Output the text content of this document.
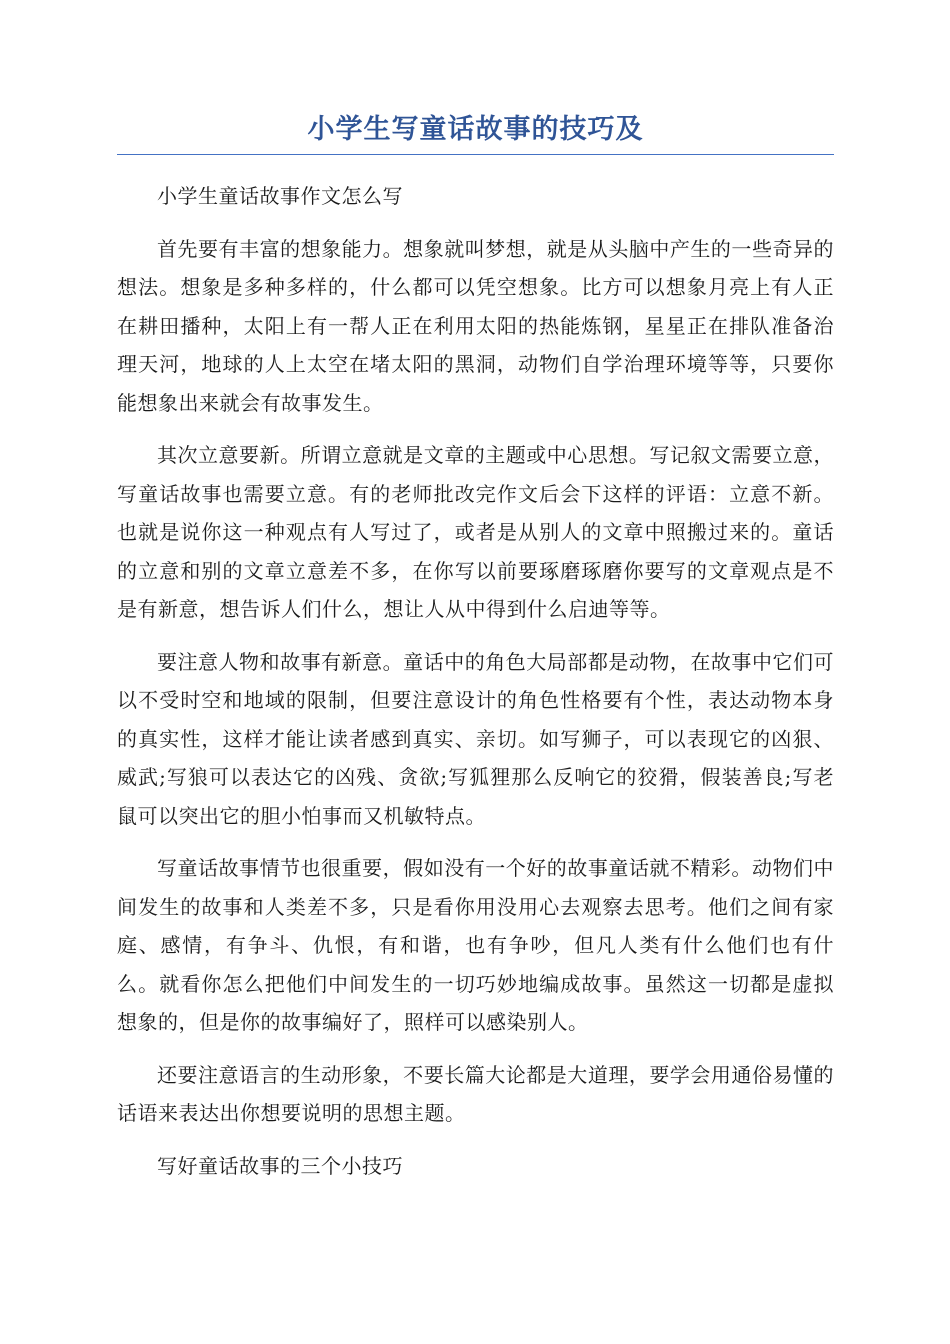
小学生写童话故事的技巧及

小学生童话故事作文怎么写

首先要有丰富的想象能力。想象就叫梦想，就是从头脑中产生的一些奇异的想法。想象是多种多样的，什么都可以凭空想象。比方可以想象月亮上有人正在耕田播种，太阳上有一帮人正在利用太阳的热能炼钢，星星正在排队准备治理天河，地球的人上太空在堵太阳的黑洞，动物们自学治理环境等等，只要你能想象出来就会有故事发生。

其次立意要新。所谓立意就是文章的主题或中心思想。写记叙文需要立意，写童话故事也需要立意。有的老师批改完作文后会下这样的评语：立意不新。也就是说你这一种观点有人写过了，或者是从别人的文章中照搬过来的。童话的立意和别的文章立意差不多，在你写以前要琢磨琢磨你要写的文章观点是不是有新意，想告诉人们什么，想让人从中得到什么启迪等等。

要注意人物和故事有新意。童话中的角色大局部都是动物，在故事中它们可以不受时空和地域的限制，但要注意设计的角色性格要有个性，表达动物本身的真实性，这样才能让读者感到真实、亲切。如写狮子，可以表现它的凶狠、威武;写狼可以表达它的凶残、贪欲;写狐狸那么反响它的狡猾，假装善良;写老鼠可以突出它的胆小怕事而又机敏特点。

写童话故事情节也很重要，假如没有一个好的故事童话就不精彩。动物们中间发生的故事和人类差不多，只是看你用没用心去观察去思考。他们之间有家庭、感情，有争斗、仇恨，有和谐，也有争吵，但凡人类有什么他们也有什么。就看你怎么把他们中间发生的一切巧妙地编成故事。虽然这一切都是虚拟想象的，但是你的故事编好了，照样可以感染别人。

还要注意语言的生动形象，不要长篇大论都是大道理，要学会用通俗易懂的话语来表达出你想要说明的思想主题。

写好童话故事的三个小技巧
